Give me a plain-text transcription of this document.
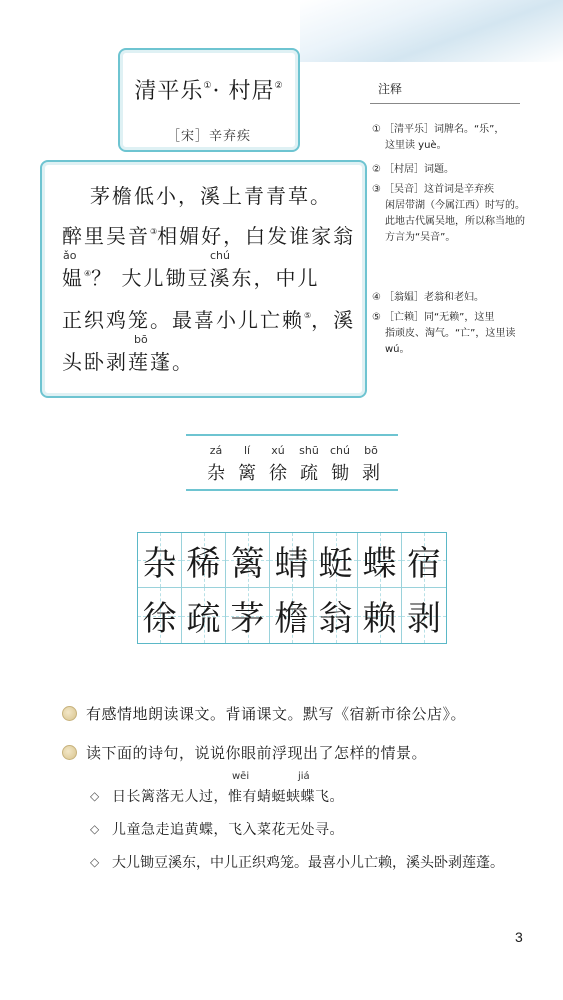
清平乐①· 村居②
［宋］辛弃疾
茅檐低小，溪上青青草。
醉里吴音③相媚好，白发谁家翁
ǎo	chú
媪④？ 大儿锄豆溪东，中儿
正织鸡笼。最喜小儿亡赖⑤，溪
bō
头卧剥莲蓬。
注释
① ［清平乐］词牌名。“乐”，
这里读 yuè。
② ［村居］词题。
③ ［吴音］这首词是辛弃疾
闲居带湖（今属江西）时写的。此地古代属吴地，所以称当地的方言为“吴音”。
④ ［翁媪］老翁和老妇。
⑤ ［亡赖］同“无赖”，这里
指顽皮、淘气。“亡”，这里读 wú。
zá
杂
lí
篱
xú
徐
shū
疏
chú
锄
bō
剥
杂 稀 篱 蜻 蜓 蝶 宿
徐 疏 茅 檐 翁 赖 剥
有感情地朗读课文。背诵课文。默写《宿新市徐公店》。
读下面的诗句，说说你眼前浮现出了怎样的情景。
wēi	jiá
◇ 日长篱落无人过，惟有蜻蜓蛱蝶飞。
◇ 儿童急走追黄蝶，飞入菜花无处寻。
◇ 大儿锄豆溪东，中儿正织鸡笼。最喜小儿亡赖，溪头卧剥莲蓬。
3
